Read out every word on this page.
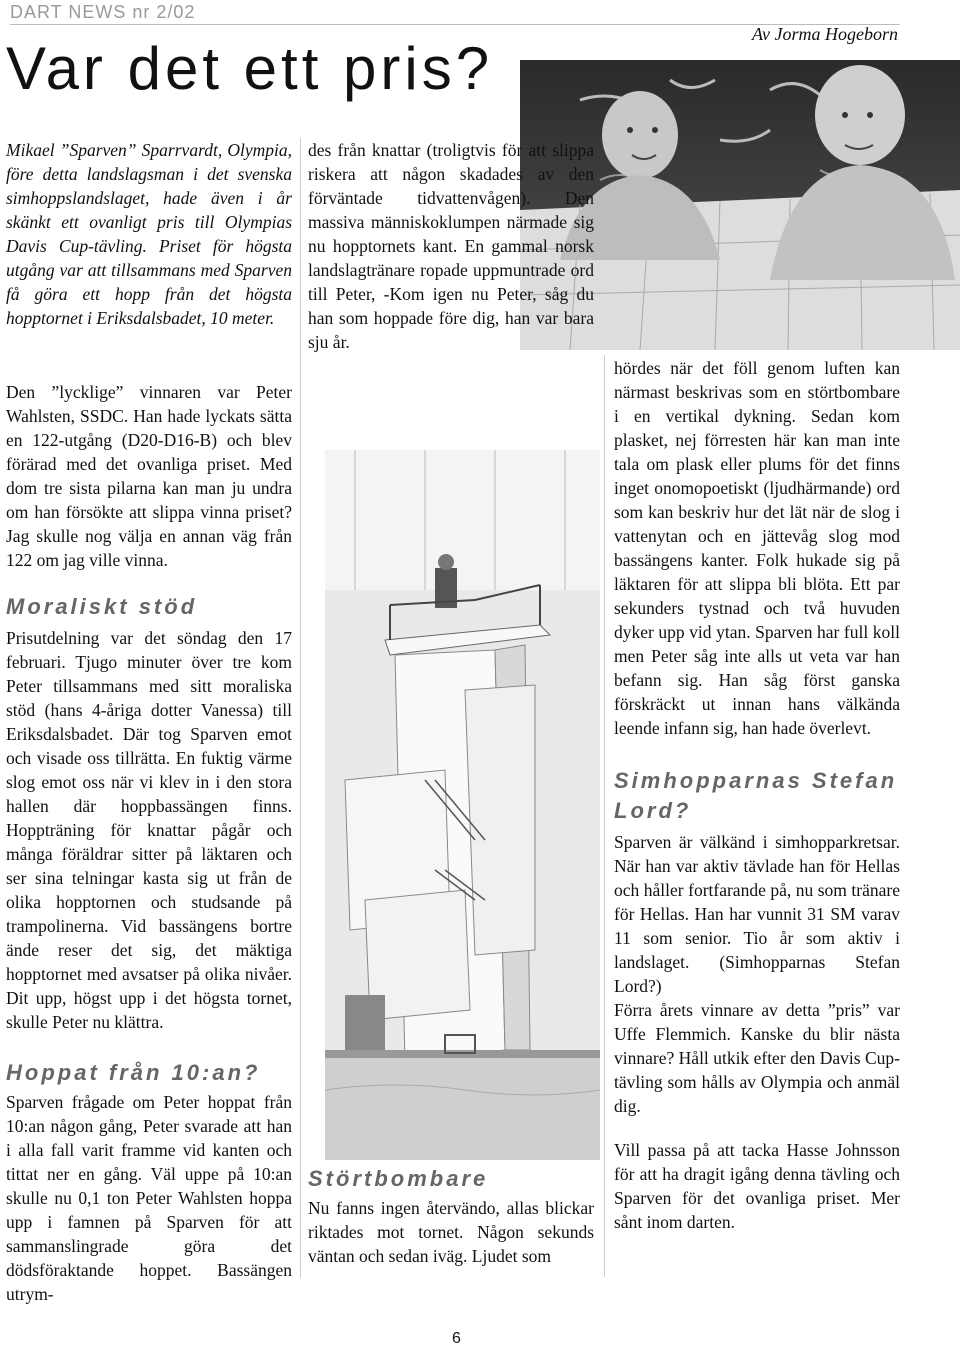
DART NEWS nr 2/02
Av Jorma Hogeborn
Var det ett pris?

Mikael ”Sparven” Sparrvardt, Olympia, före detta landslagsman i det svenska simhoppslandslaget, hade även i år skänkt ett ovanligt pris till Olympias Davis Cup-tävling. Priset för högsta utgång var att tillsammans med Sparven få göra ett hopp från det högsta hopptornet i Eriksdalsbadet, 10 meter.

Den ”lycklige” vinnaren var Peter Wahlsten, SSDC. Han hade lyckats sätta en 122-utgång (D20-D16-B) och blev förärad med det ovanliga priset. Med dom tre sista pilarna kan man ju undra om han försökte att slippa vinna priset? Jag skulle nog välja en annan väg från 122 om jag ville vinna.

Moraliskt stöd

Prisutdelning var det söndag den 17 februari. Tjugo minuter över tre kom Peter tillsammans med sitt moraliska stöd (hans 4-åriga dotter Vanessa) till Eriksdalsbadet. Där tog Sparven emot och visade oss tillrätta. En fuktig värme slog emot oss när vi klev in i den stora hallen där hoppbassängen finns. Hoppträning för knattar pågår och många föräldrar sitter på läktaren och ser sina telningar kasta sig ut från de olika hopptornen och studsande på trampolinerna. Vid bassängens bortre ände reser det sig, det mäktiga hopptornet med avsatser på olika nivåer. Dit upp, högst upp i det högsta tornet, skulle Peter nu klättra.

Hoppat från 10:an?

Sparven frågade om Peter hoppat från 10:an någon gång, Peter svarade att han i alla fall varit framme vid kanten och tittat ner en gång. Väl uppe på 10:an skulle nu 0,1 ton Peter Wahlsten hoppa upp i famnen på Sparven för att sammanslingrade göra det dödsföraktande hoppet. Bassängen utrym-

des från knattar (troligtvis för att slippa riskera att någon skadades av den förväntade tidvattenvågen). Den massiva människoklumpen närmade sig nu hopptornets kant. En gammal norsk landslagtränare ropade uppmuntrade ord till Peter, -Kom igen nu Peter, såg du han som hoppade före dig, han var bara sju år.

Störtbombare

Nu fanns ingen återvändo, allas blickar riktades mot tornet. Någon sekunds väntan och sedan iväg. Ljudet som

hördes när det föll genom luften kan närmast beskrivas som en störtbombare i en vertikal dykning. Sedan kom plasket, nej förresten här kan man inte tala om plask eller plums för det finns inget onomopoetiskt (ljudhärmande) ord som kan beskriv hur det lät när de slog i vattenytan och en jättevåg slog mod bassängens kanter. Folk hukade sig på läktaren för att slippa bli blöta. Ett par sekunders tystnad och två huvuden dyker upp vid ytan. Sparven har full koll men Peter såg inte alls ut veta var han befann sig. Han såg först ganska förskräckt ut innan hans välkända leende infann sig, han hade överlevt.

Simhopparnas Stefan Lord?

Sparven är välkänd i simhopparkretsar. När han var aktiv tävlade han för Hellas och håller fortfarande på, nu som tränare för Hellas. Han har vunnit 31 SM varav 11 som senior. Tio år som aktiv i landslaget. (Simhopparnas Stefan Lord?)

Förra årets vinnare av detta ”pris” var Uffe Flemmich. Kanske du blir nästa vinnare? Håll utkik efter den Davis Cup-tävling som hålls av Olympia och anmäl dig.

Vill passa på att tacka Hasse Johnsson för att ha dragit igång denna tävling och Sparven för det ovanliga priset. Mer sånt inom darten.

6
